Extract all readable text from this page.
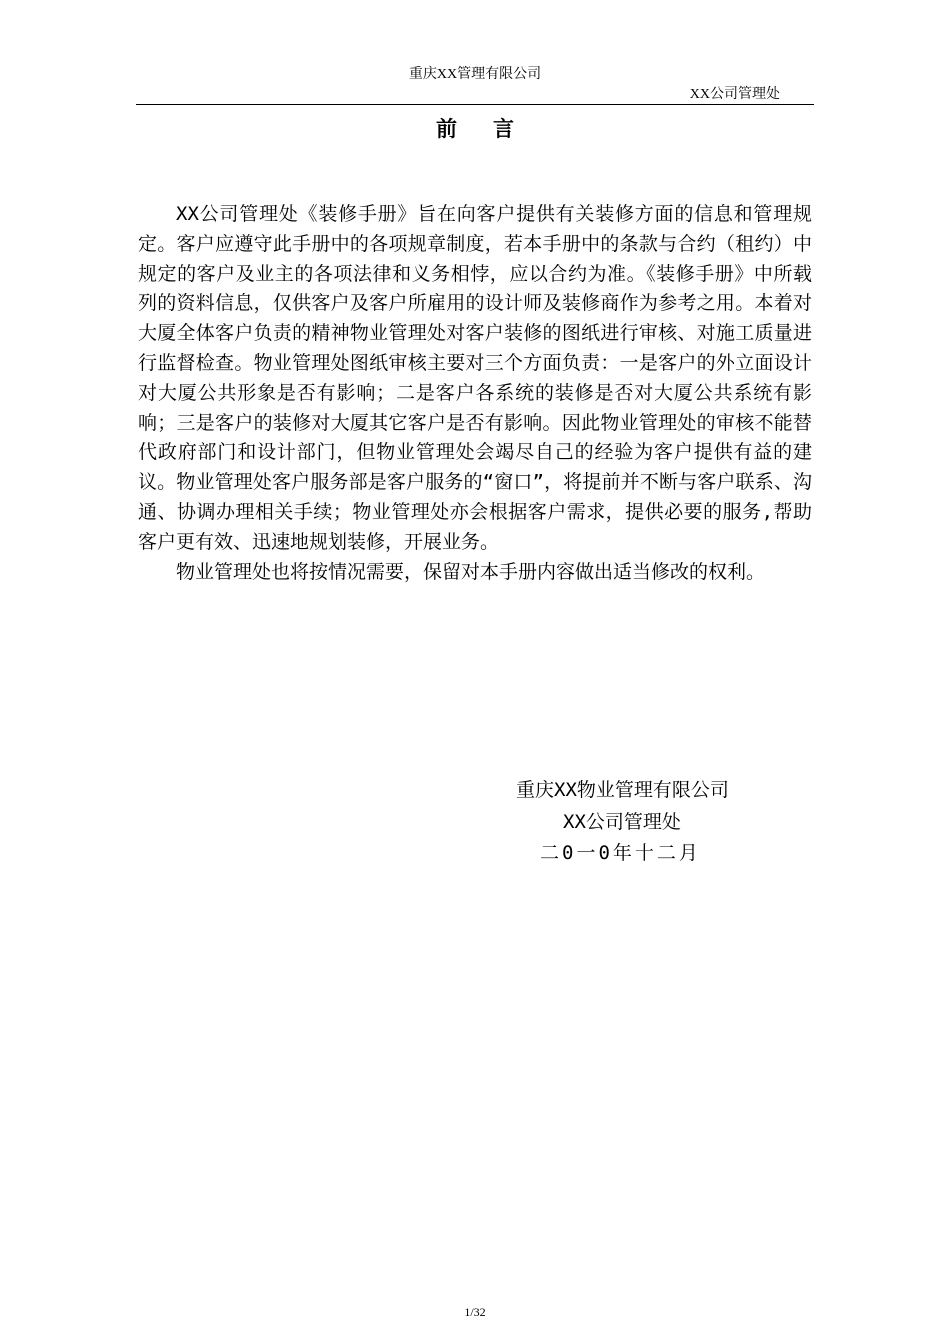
重庆XX管理有限公司
XX公司管理处
前言

XX公司管理处《装修手册》旨在向客户提供有关装修方面的信息和管理规定。客户应遵守此手册中的各项规章制度，若本手册中的条款与合约（租约）中规定的客户及业主的各项法律和义务相悖，应以合约为准。《装修手册》中所载列的资料信息，仅供客户及客户所雇用的设计师及装修商作为参考之用。本着对大厦全体客户负责的精神物业管理处对客户装修的图纸进行审核、对施工质量进行监督检查。物业管理处图纸审核主要对三个方面负责：一是客户的外立面设计对大厦公共形象是否有影响；二是客户各系统的装修是否对大厦公共系统有影响；三是客户的装修对大厦其它客户是否有影响。因此物业管理处的审核不能替代政府部门和设计部门，但物业管理处会竭尽自己的经验为客户提供有益的建议。物业管理处客户服务部是客户服务的“窗口”，将提前并不断与客户联系、沟通、协调办理相关手续；物业管理处亦会根据客户需求，提供必要的服务,帮助客户更有效、迅速地规划装修，开展业务。

物业管理处也将按情况需要，保留对本手册内容做出适当修改的权利。

重庆XX物业管理有限公司
XX公司管理处
二0一0年十二月
1/32
